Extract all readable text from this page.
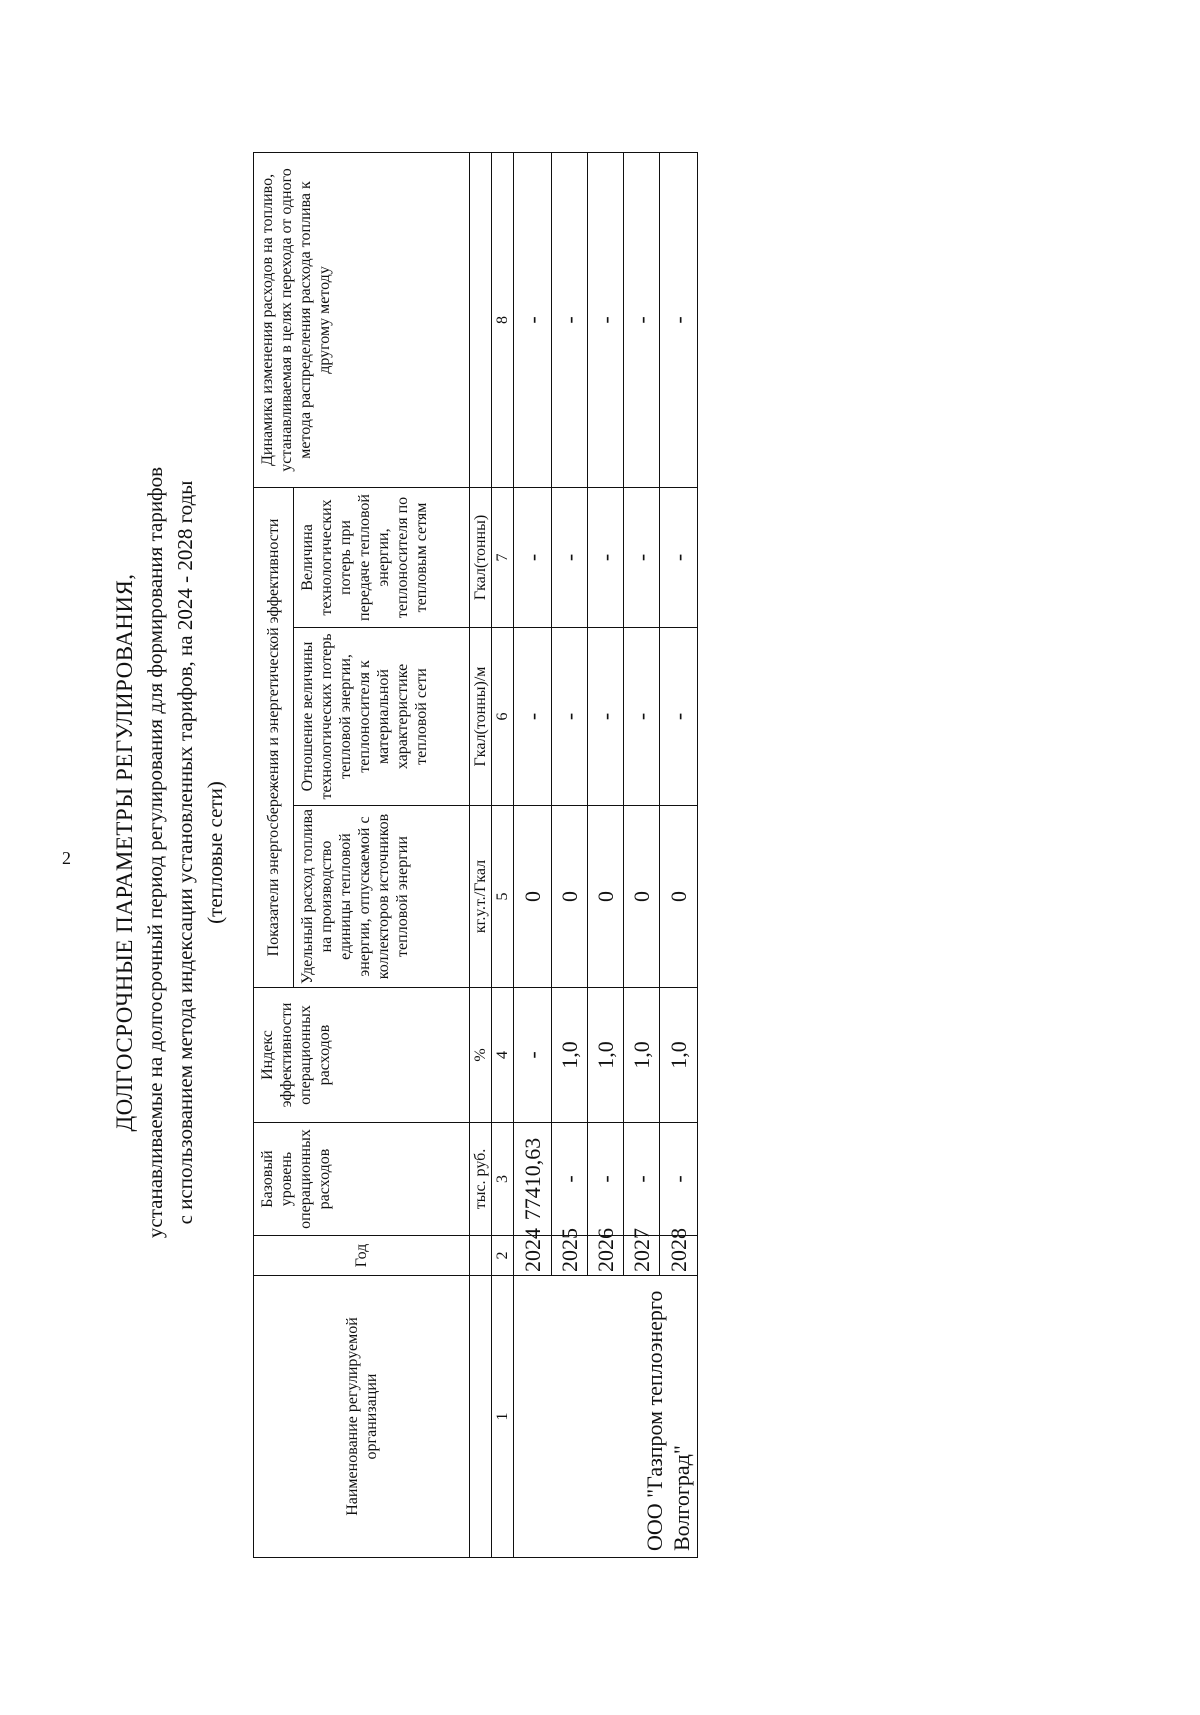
2 ДОЛГОСРОЧНЫЕ ПАРАМЕТРЫ РЕГУЛИРОВАНИЯ, устанавливаемые на долгосрочный период регулирования для формирования тарифов с использованием метода индексации установленных тарифов, на 2024 - 2028 годы (тепловые сети)
Наименование регулируемой организации	Год	Базовый уровень операционных расходов	Индекс эффективности операционных расходов	Показатели энергосбережения и энергетической эффективности			Динамика изменения расходов на топливо, устанавливаемая в целях перехода от одного метода распределения расхода топлива к другому методу
				Удельный расход топлива на производство единицы тепловой энергии, отпускаемой с коллекторов источников тепловой энергии	Отношение величины технологических потерь тепловой энергии, теплоносителя к материальной характеристике тепловой сети	Величина технологических потерь при передаче тепловой энергии, теплоносителя по тепловым сетям	
		тыс. руб.	%	кг.у.т./Гкал	Гкал(тонны)/м	Гкал(тонны)	
1	2	3	4	5	6	7	8
ООО "Газпром теплоэнерго Волгоград"	2024	77410,63	-	0	-	-	-
	2025	-	1,0	0	-	-	-
	2026	-	1,0	0	-	-	-
	2027	-	1,0	0	-	-	-
	2028	-	1,0	0	-	-	-
